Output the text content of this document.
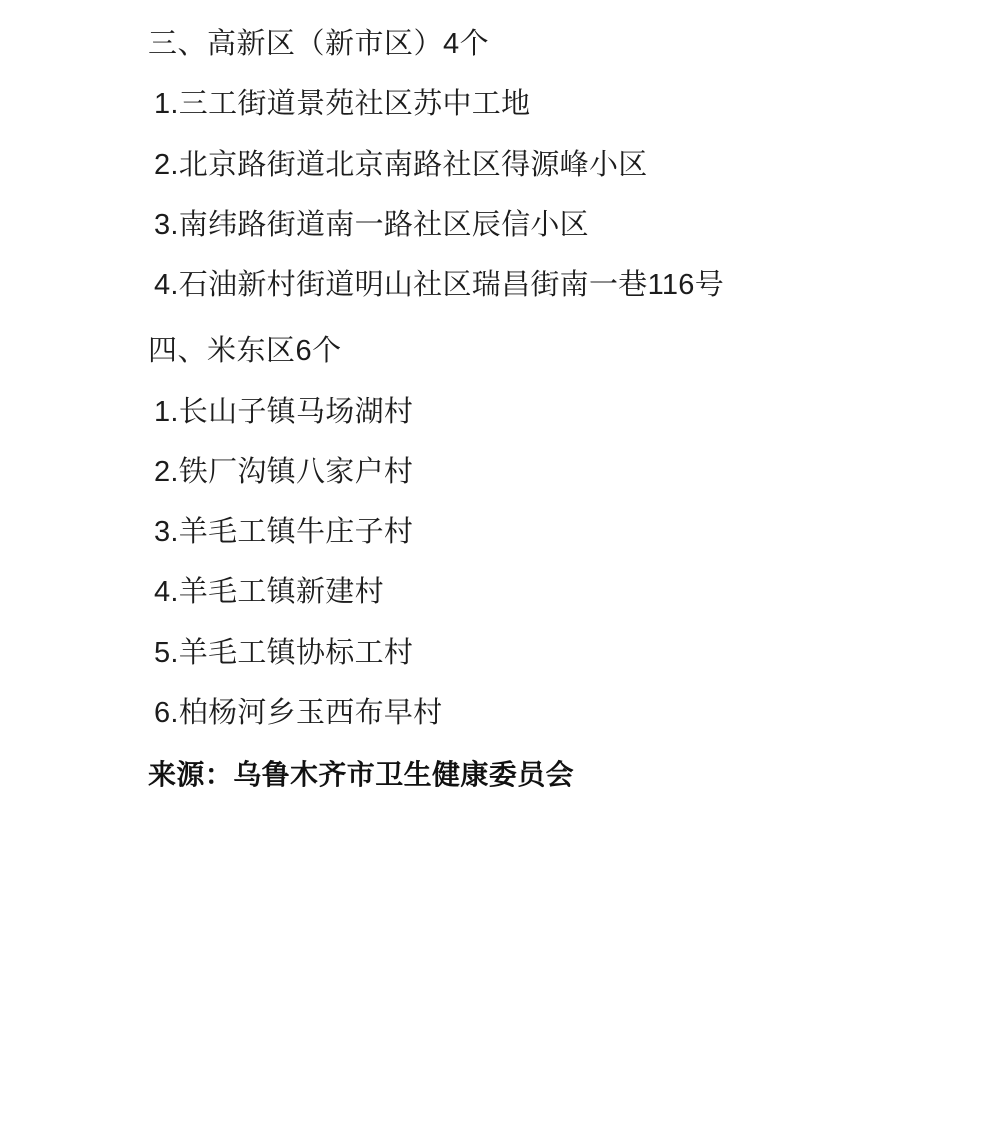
三、高新区（新市区）4个

1.三工街道景苑社区苏中工地

2.北京路街道北京南路社区得源峰小区

3.南纬路街道南一路社区辰信小区

4.石油新村街道明山社区瑞昌街南一巷116号

四、米东区6个

1.长山子镇马场湖村

2.铁厂沟镇八家户村

3.羊毛工镇牛庄子村

4.羊毛工镇新建村

5.羊毛工镇协标工村

6.柏杨河乡玉西布早村

来源：乌鲁木齐市卫生健康委员会
